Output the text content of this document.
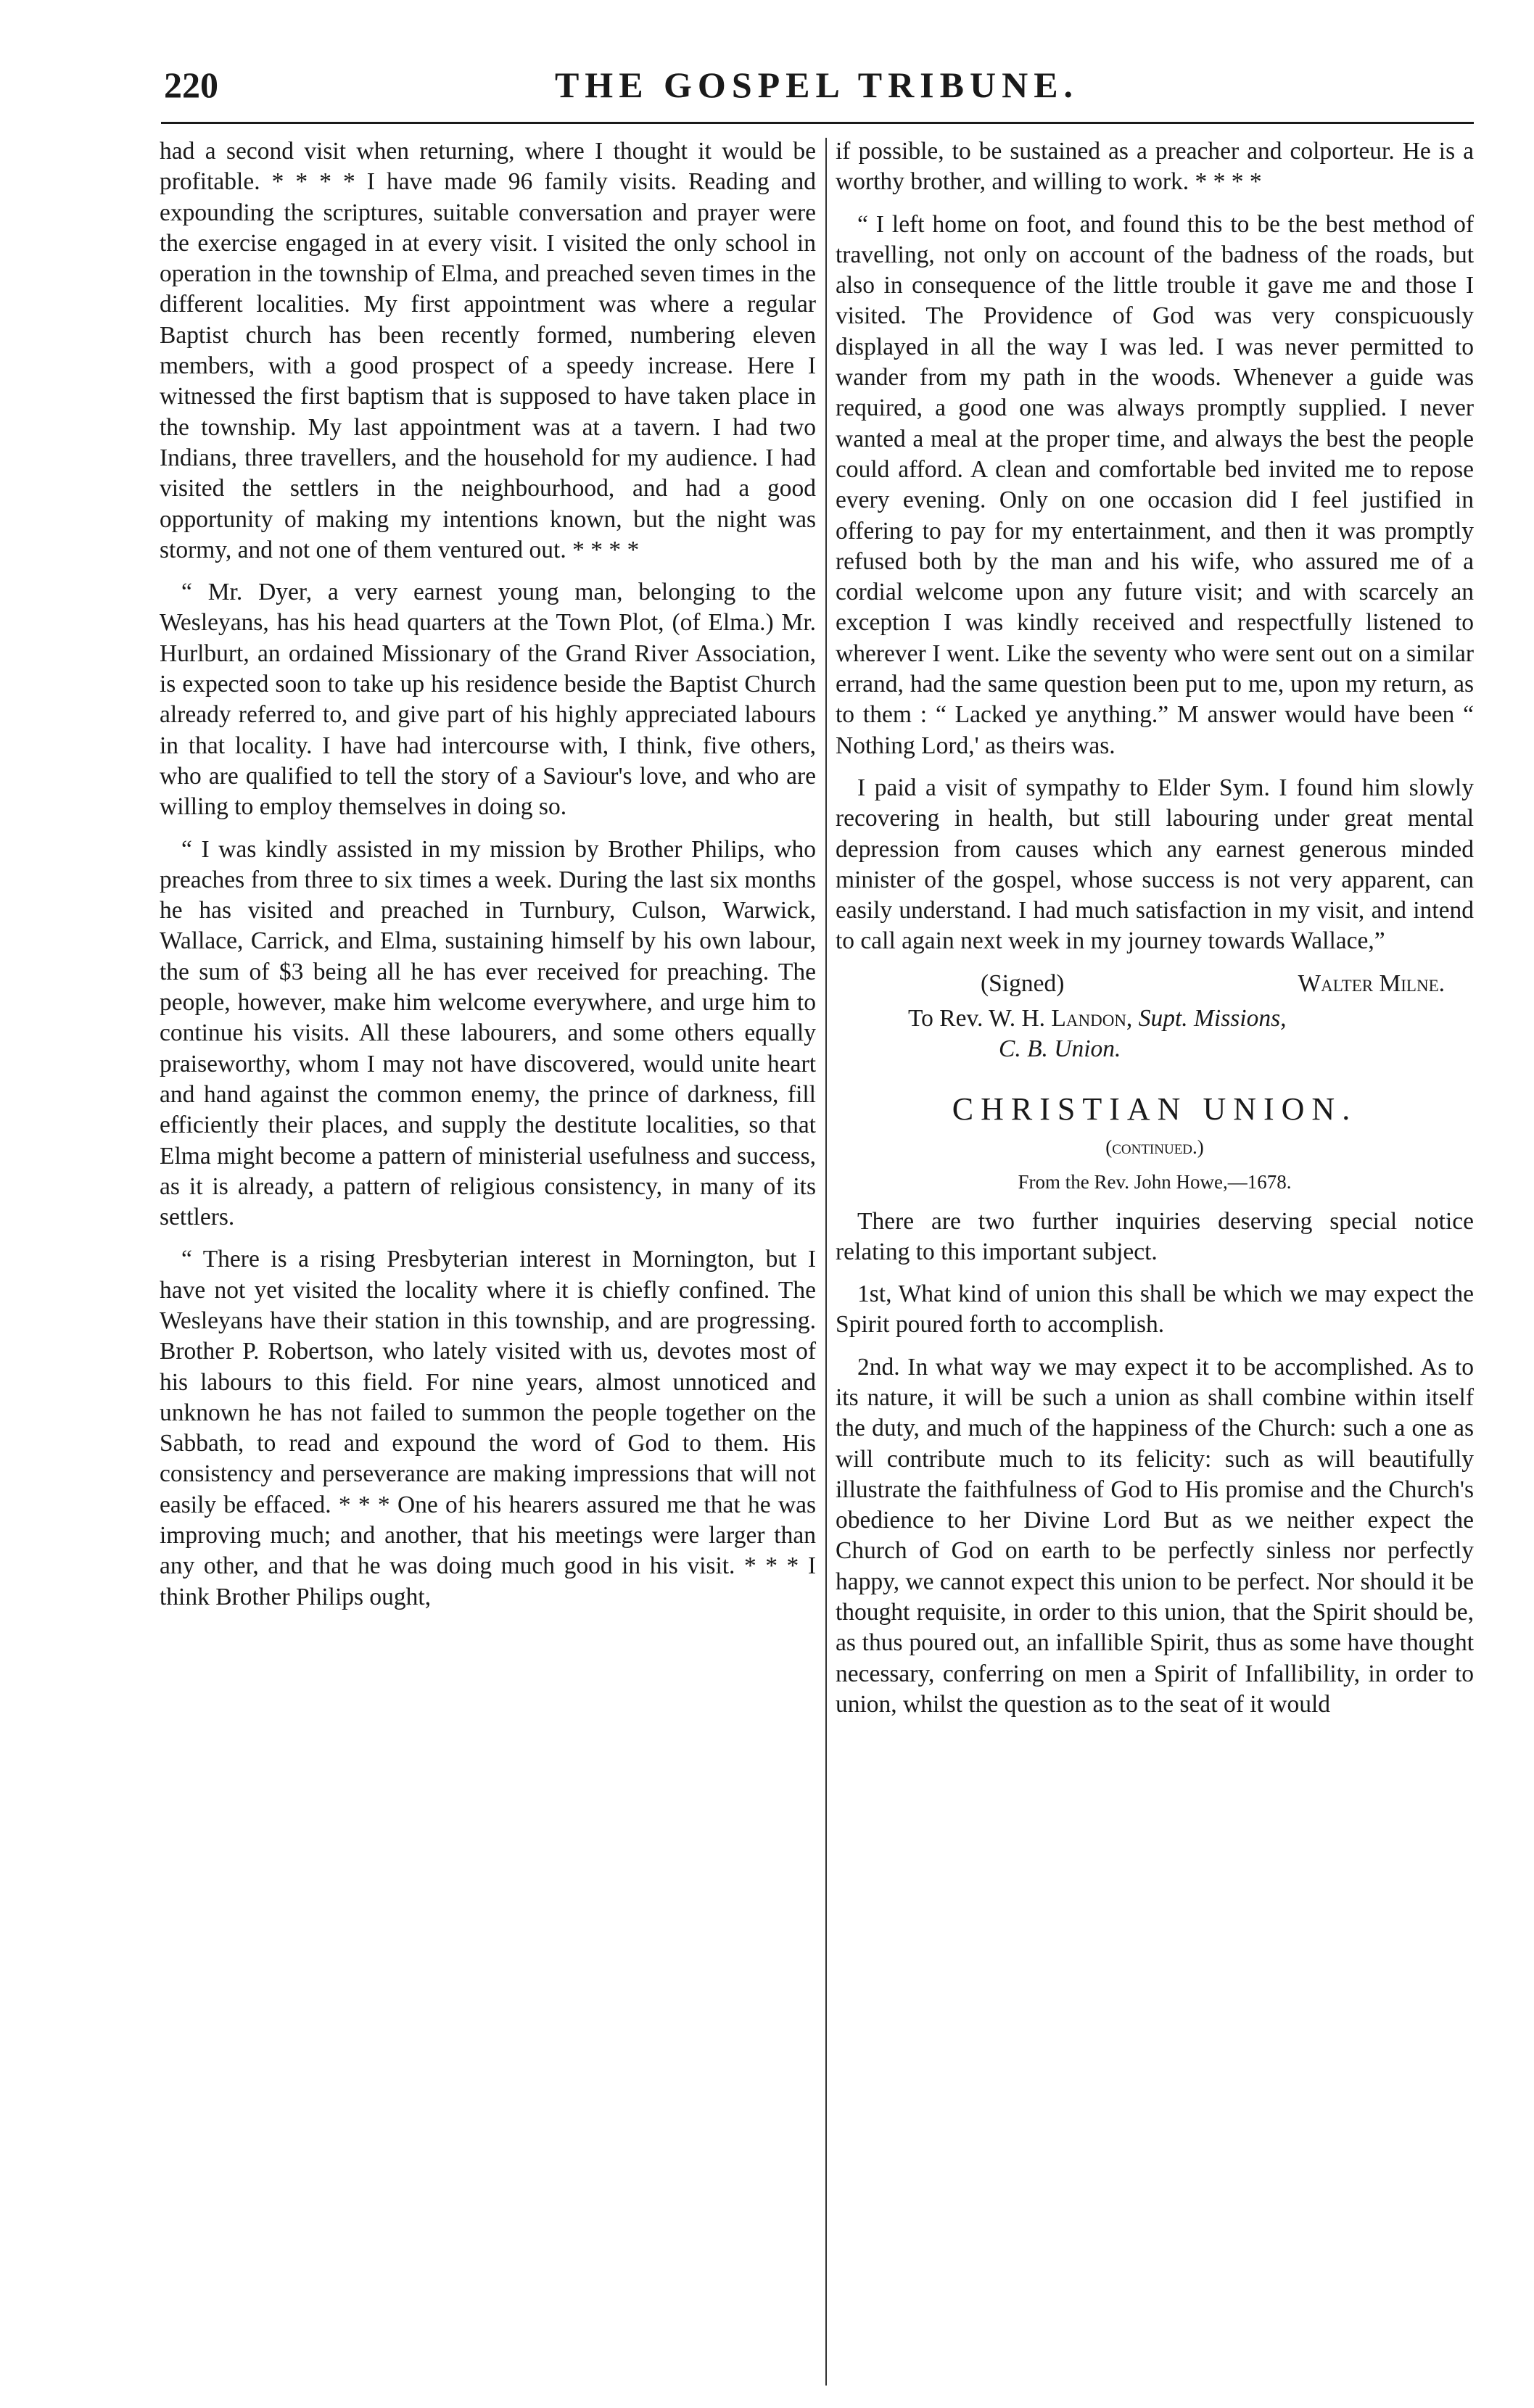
220	THE GOSPEL TRIBUNE.

had a second visit when returning, where I thought it would be profitable. * * * * I have made 96 family visits. Reading and expounding the scriptures, suitable conversation and prayer were the exercise engaged in at every visit. I visited the only school in operation in the township of Elma, and preached seven times in the different localities. My first appointment was where a regular Baptist church has been recently formed, numbering eleven members, with a good prospect of a speedy increase. Here I witnessed the first baptism that is supposed to have taken place in the township. My last appointment was at a tavern. I had two Indians, three travellers, and the household for my audience. I had visited the settlers in the neighbourhood, and had a good opportunity of making my intentions known, but the night was stormy, and not one of them ventured out. * * * *

“ Mr. Dyer, a very earnest young man, belonging to the Wesleyans, has his head quarters at the Town Plot, (of Elma.) Mr. Hurlburt, an ordained Missionary of the Grand River Association, is expected soon to take up his residence beside the Baptist Church already referred to, and give part of his highly appreciated labours in that locality. I have had intercourse with, I think, five others, who are qualified to tell the story of a Saviour's love, and who are willing to employ themselves in doing so.

“ I was kindly assisted in my mission by Brother Philips, who preaches from three to six times a week. During the last six months he has visited and preached in Turnbury, Culson, Warwick, Wallace, Carrick, and Elma, sustaining himself by his own labour, the sum of $3 being all he has ever received for preaching. The people, however, make him welcome everywhere, and urge him to continue his visits. All these labourers, and some others equally praiseworthy, whom I may not have discovered, would unite heart and hand against the common enemy, the prince of darkness, fill efficiently their places, and supply the destitute localities, so that Elma might become a pattern of ministerial usefulness and success, as it is already, a pattern of religious consistency, in many of its settlers.

“ There is a rising Presbyterian interest in Mornington, but I have not yet visited the locality where it is chiefly confined. The Wesleyans have their station in this township, and are progressing. Brother P. Robertson, who lately visited with us, devotes most of his labours to this field. For nine years, almost unnoticed and unknown he has not failed to summon the people together on the Sabbath, to read and expound the word of God to them. His consistency and perseverance are making impressions that will not easily be effaced. * * * One of his hearers assured me that he was improving much; and another, that his meetings were larger than any other, and that he was doing much good in his visit. * * * I think Brother Philips ought,

if possible, to be sustained as a preacher and colporteur. He is a worthy brother, and willing to work. * * * *

“ I left home on foot, and found this to be the best method of travelling, not only on account of the badness of the roads, but also in consequence of the little trouble it gave me and those I visited. The Providence of God was very conspicuously displayed in all the way I was led. I was never permitted to wander from my path in the woods. Whenever a guide was required, a good one was always promptly supplied. I never wanted a meal at the proper time, and always the best the people could afford. A clean and comfortable bed invited me to repose every evening. Only on one occasion did I feel justified in offering to pay for my entertainment, and then it was promptly refused both by the man and his wife, who assured me of a cordial welcome upon any future visit; and with scarcely an exception I was kindly received and respectfully listened to wherever I went. Like the seventy who were sent out on a similar errand, had the same question been put to me, upon my return, as to them : “ Lacked ye anything.” M answer would have been “ Nothing Lord,' as theirs was.

I paid a visit of sympathy to Elder Sym. I found him slowly recovering in health, but still labouring under great mental depression from causes which any earnest generous minded minister of the gospel, whose success is not very apparent, can easily understand. I had much satisfaction in my visit, and intend to call again next week in my journey towards Wallace,”

(Signed)	Walter Milne.

To Rev. W. H. Landon, Supt. Missions,

C. B. Union.

CHRISTIAN UNION.
(continued.)
From the Rev. John Howe,—1678.

There are two further inquiries deserving special notice relating to this important subject.

1st, What kind of union this shall be which we may expect the Spirit poured forth to accomplish.

2nd. In what way we may expect it to be accomplished. As to its nature, it will be such a union as shall combine within itself the duty, and much of the happiness of the Church: such a one as will contribute much to its felicity: such as will beautifully illustrate the faithfulness of God to His promise and the Church's obedience to her Divine Lord But as we neither expect the Church of God on earth to be perfectly sinless nor perfectly happy, we cannot expect this union to be perfect. Nor should it be thought requisite, in order to this union, that the Spirit should be, as thus poured out, an infallible Spirit, thus as some have thought necessary, conferring on men a Spirit of Infallibility, in order to union, whilst the question as to the seat of it would
